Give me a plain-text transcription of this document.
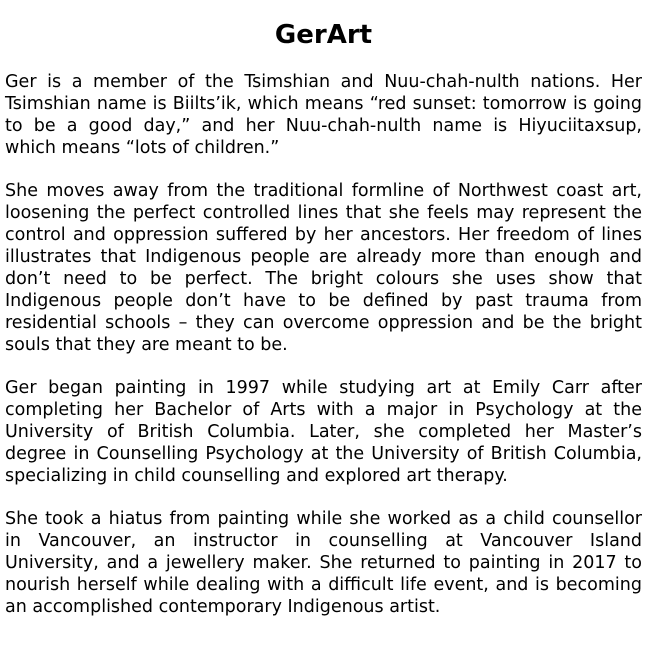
GerArt

Ger is a member of the Tsimshian and Nuu-chah-nulth nations. Her Tsimshian name is Biilts’ik, which means “red sunset: tomorrow is going to be a good day,” and her Nuu-chah-nulth name is Hiyuciitaxsup, which means “lots of children.”

She moves away from the traditional formline of Northwest coast art, loosening the perfect controlled lines that she feels may represent the control and oppression suffered by her ancestors. Her freedom of lines illustrates that Indigenous people are already more than enough and don’t need to be perfect. The bright colours she uses show that Indigenous people don’t have to be defined by past trauma from residential schools – they can overcome oppression and be the bright souls that they are meant to be.

Ger began painting in 1997 while studying art at Emily Carr after completing her Bachelor of Arts with a major in Psychology at the University of British Columbia. Later, she completed her Master’s degree in Counselling Psychology at the University of British Columbia, specializing in child counselling and explored art therapy.

She took a hiatus from painting while she worked as a child counsellor in Vancouver, an instructor in counselling at Vancouver Island University, and a jewellery maker. She returned to painting in 2017 to nourish herself while dealing with a difficult life event, and is becoming an accomplished contemporary Indigenous artist.
